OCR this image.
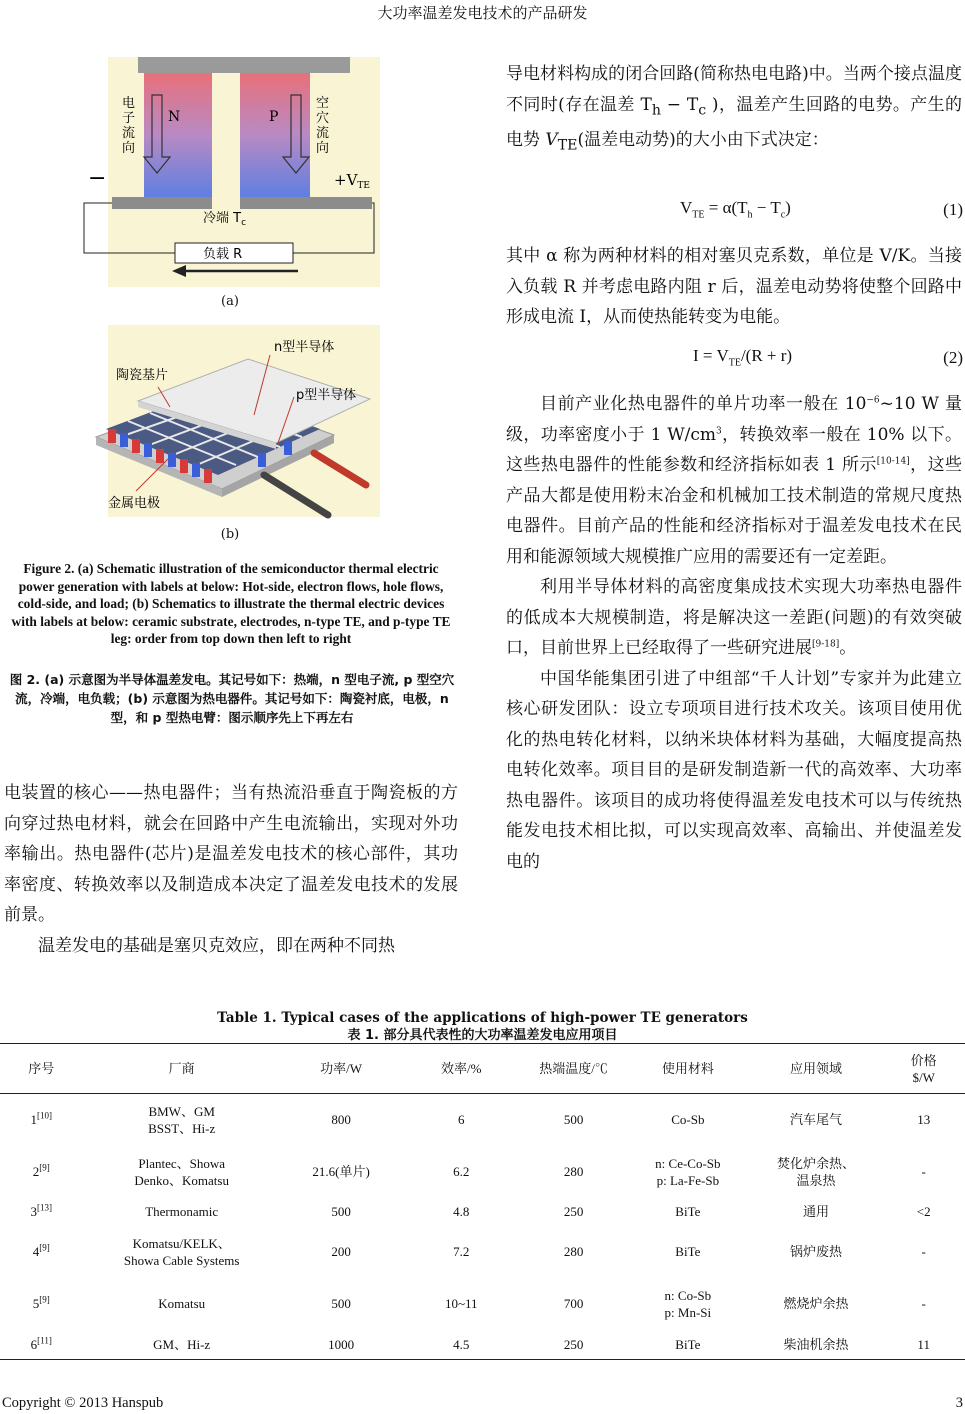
大功率温差发电技术的产品研发
N	P
电
子
流
向
空
穴
流
向
−	$+V_{TE}$
冷端 $T_c$
负载 R
(a)
n型半导体
陶瓷基片
p型半导体
金属电极
(b)
Figure 2. (a) Schematic illustration of the semiconductor thermal electric power generation with labels at below: Hot-side, electron flows, hole flows, cold-side, and load; (b) Schematics to illustrate the thermal electric devices with labels at below: ceramic substrate, electrodes, n-type TE, and p-type TE leg: order from top down then left to right
图 2. (a) 示意图为半导体温差发电。其记号如下：热端，n 型电子流, p 型空穴流，冷端，电负载；(b) 示意图为热电器件。其记号如下：陶瓷衬底，电极，n 型，和 p 型热电臂：图示顺序先上下再左右

电装置的核心——热电器件；当有热流沿垂直于陶瓷板的方向穿过热电材料，就会在回路中产生电流输出，实现对外功率输出。热电器件(芯片)是温差发电技术的核心部件，其功率密度、转换效率以及制造成本决定了温差发电技术的发展前景。

温差发电的基础是塞贝克效应，即在两种不同热

导电材料构成的闭合回路(简称热电电路)中。当两个接点温度不同时(存在温差 $T_h - T_c$ )，温差产生回路的电势。产生的电势 $V_{TE}$(温差电动势)的大小由下式决定：

$V_{TE} = \alpha(T_h - T_c)$	(1)

其中 α 称为两种材料的相对塞贝克系数，单位是 V/K。当接入负载 R 并考虑电路内阻 r 后，温差电动势将使整个回路中形成电流 I，从而使热能转变为电能。

$I = V_{TE}/(R + r)$	(2)

目前产业化热电器件的单片功率一般在 $10^{-6}\sim 10$ W 量级，功率密度小于 1 $W/cm^3$，转换效率一般在 10% 以下。这些热电器件的性能参数和经济指标如表 1 所示[10-14]，这些产品大都是使用粉末冶金和机械加工技术制造的常规尺度热电器件。目前产品的性能和经济指标对于温差发电技术在民用和能源领域大规模推广应用的需要还有一定差距。

利用半导体材料的高密度集成技术实现大功率热电器件的低成本大规模制造，将是解决这一差距(问题)的有效突破口，目前世界上已经取得了一些研究进展[9-18]。

中国华能集团引进了中组部“千人计划”专家并为此建立核心研发团队：设立专项项目进行技术攻关。该项目使用优化的热电转化材料，以纳米块体材料为基础，大幅度提高热电转化效率。项目目的是研发制造新一代的高效率、大功率热电器件。该项目的成功将使得温差发电技术可以与传统热能发电技术相比拟，可以实现高效率、高输出、并使温差发电的

Table 1. Typical cases of the applications of high-power TE generators
表 1. 部分具代表性的大功率温差发电应用项目
序号	厂商	功率/W	效率/%	热端温度/℃	使用材料	应用领域	价格
$/W
1[10]	BMW、GM
BSST、Hi-z	800	6	500	Co-Sb	汽车尾气	13
2[9]	Plantec、Showa
Denko、Komatsu	21.6(单片)	6.2	280	n: Ce-Co-Sb
p: La-Fe-Sb	焚化炉余热、
温泉热	-
3[13]	Thermonamic	500	4.8	250	BiTe	通用	<2
4[9]	Komatsu/KELK、
Showa Cable Systems	200	7.2	280	BiTe	锅炉废热	-
5[9]	Komatsu	500	10~11	700	n: Co-Sb
p: Mn-Si	燃烧炉余热	-
6[11]	GM、Hi-z	1000	4.5	250	BiTe	柴油机余热	11
Copyright © 2013 Hanspub	3
